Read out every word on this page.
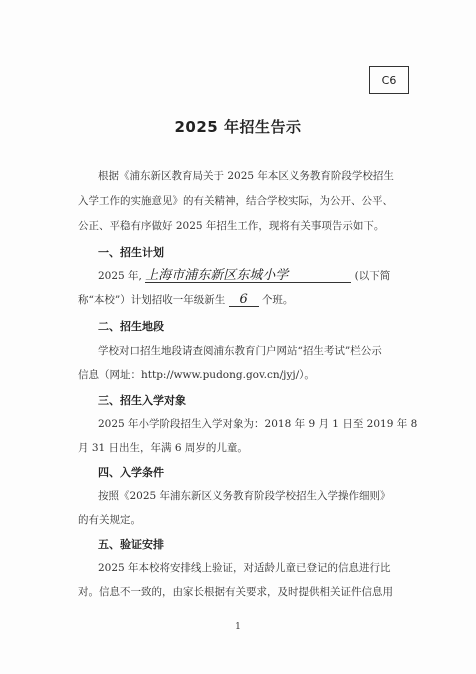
C6
2025 年招生告示
根据《浦东新区教育局关于 2025 年本区义务教育阶段学校招生
入学工作的实施意见》的有关精神，结合学校实际，为公开、公平、
公正、平稳有序做好 2025 年招生工作，现将有关事项告示如下。
一、招生计划
2025 年, 上海市浦东新区东城小学	(以下简
称“本校”）计划招收一年级新生 6 个班。
二、招生地段
学校对口招生地段请查阅浦东教育门户网站“招生考试”栏公示
信息（网址：http://www.pudong.gov.cn/jyj/）。
三、招生入学对象
2025 年小学阶段招生入学对象为：2018 年 9 月 1 日至 2019 年 8
月 31 日出生，年满 6 周岁的儿童。
四、入学条件
按照《2025 年浦东新区义务教育阶段学校招生入学操作细则》
的有关规定。
五、验证安排
2025 年本校将安排线上验证，对适龄儿童已登记的信息进行比
对。信息不一致的，由家长根据有关要求，及时提供相关证件信息用
1
